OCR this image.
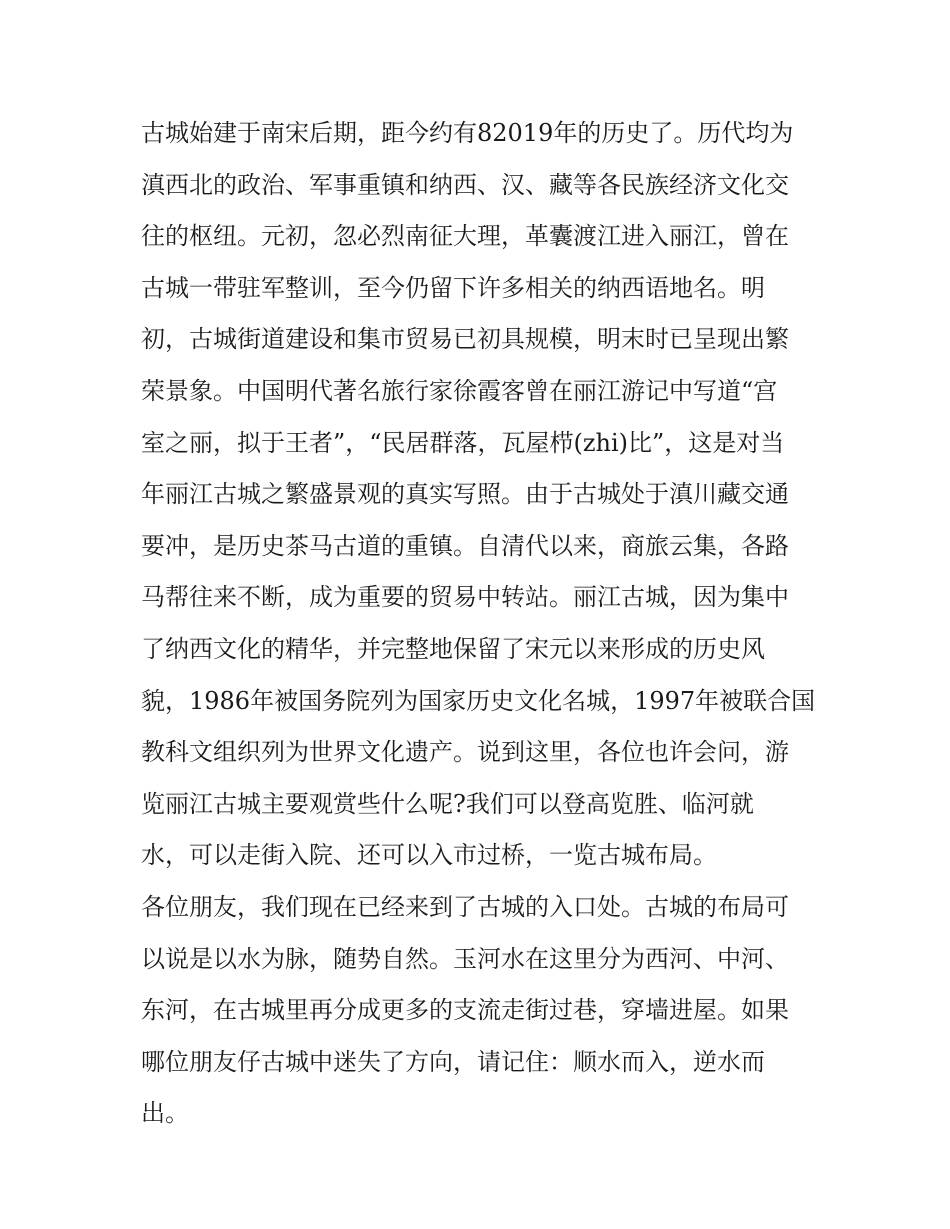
古城始建于南宋后期，距今约有82019年的历史了。历代均为
滇西北的政治、军事重镇和纳西、汉、藏等各民族经济文化交
往的枢纽。元初，忽必烈南征大理，革囊渡江进入丽江，曾在
古城一带驻军整训，至今仍留下许多相关的纳西语地名。明
初，古城街道建设和集市贸易已初具规模，明末时已呈现出繁
荣景象。中国明代著名旅行家徐霞客曾在丽江游记中写道“宫
室之丽，拟于王者”，“民居群落，瓦屋栉(zhi)比”，这是对当
年丽江古城之繁盛景观的真实写照。由于古城处于滇川藏交通
要冲，是历史茶马古道的重镇。自清代以来，商旅云集，各路
马帮往来不断，成为重要的贸易中转站。丽江古城，因为集中
了纳西文化的精华，并完整地保留了宋元以来形成的历史风
貌，1986年被国务院列为国家历史文化名城，1997年被联合国
教科文组织列为世界文化遗产。说到这里，各位也许会问，游
览丽江古城主要观赏些什么呢?我们可以登高览胜、临河就
水，可以走街入院、还可以入市过桥，一览古城布局。
各位朋友，我们现在已经来到了古城的入口处。古城的布局可
以说是以水为脉，随势自然。玉河水在这里分为西河、中河、
东河，在古城里再分成更多的支流走街过巷，穿墙进屋。如果
哪位朋友仔古城中迷失了方向，请记住：顺水而入，逆水而
出。
